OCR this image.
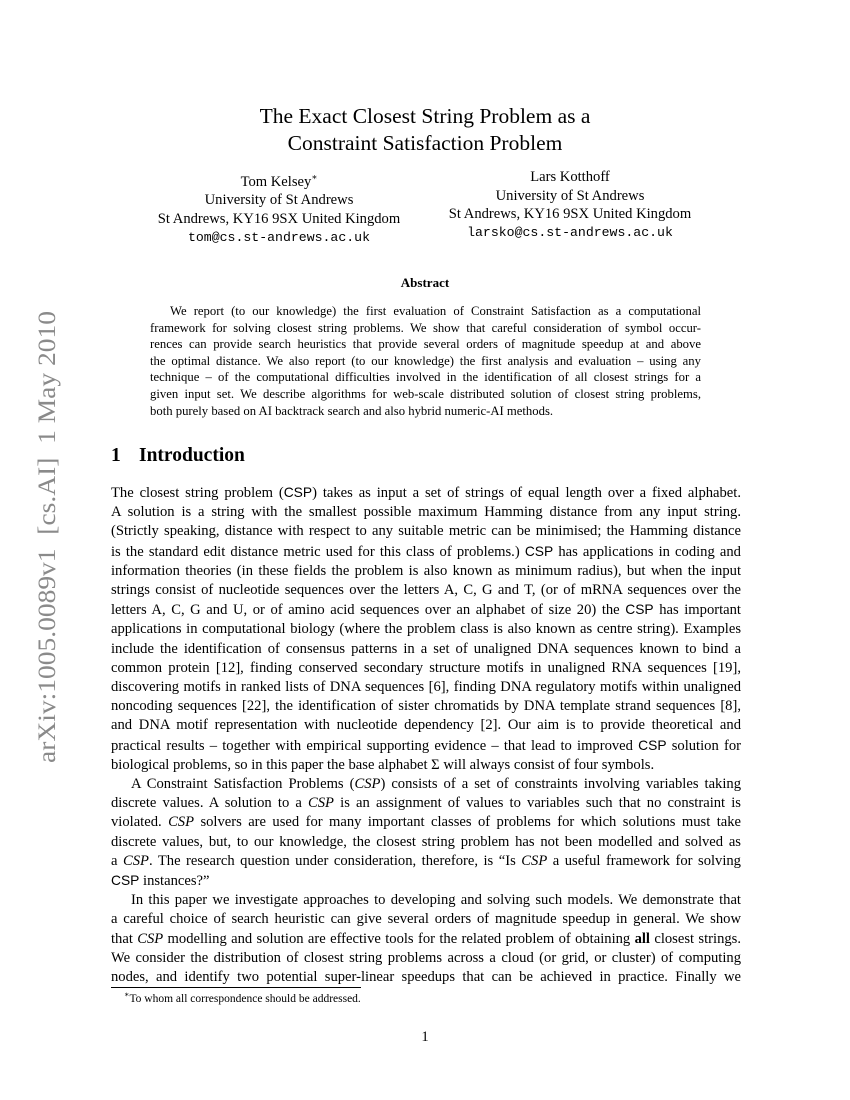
arXiv:1005.0089v1  [cs.AI]  1 May 2010
The Exact Closest String Problem as a
Constraint Satisfaction Problem
Tom Kelsey∗
University of St Andrews
St Andrews, KY16 9SX United Kingdom
tom@cs.st-andrews.ac.uk
Lars Kotthoff
University of St Andrews
St Andrews, KY16 9SX United Kingdom
larsko@cs.st-andrews.ac.uk
Abstract
We report (to our knowledge) the first evaluation of Constraint Satisfaction as a computational
framework for solving closest string problems. We show that careful consideration of symbol occur-
rences can provide search heuristics that provide several orders of magnitude speedup at and above
the optimal distance. We also report (to our knowledge) the first analysis and evaluation – using any
technique – of the computational difficulties involved in the identification of all closest strings for a
given input set. We describe algorithms for web-scale distributed solution of closest string problems,
both purely based on AI backtrack search and also hybrid numeric-AI methods.
1 Introduction
The closest string problem (CSP) takes as input a set of strings of equal length over a fixed alphabet.
A solution is a string with the smallest possible maximum Hamming distance from any input string.
(Strictly speaking, distance with respect to any suitable metric can be minimised; the Hamming distance
is the standard edit distance metric used for this class of problems.) CSP has applications in coding and
information theories (in these fields the problem is also known as minimum radius), but when the input
strings consist of nucleotide sequences over the letters A, C, G and T, (or of mRNA sequences over the
letters A, C, G and U, or of amino acid sequences over an alphabet of size 20) the CSP has important
applications in computational biology (where the problem class is also known as centre string). Examples
include the identification of consensus patterns in a set of unaligned DNA sequences known to bind a
common protein [12], finding conserved secondary structure motifs in unaligned RNA sequences [19],
discovering motifs in ranked lists of DNA sequences [6], finding DNA regulatory motifs within unaligned
noncoding sequences [22], the identification of sister chromatids by DNA template strand sequences [8],
and DNA motif representation with nucleotide dependency [2]. Our aim is to provide theoretical and
practical results – together with empirical supporting evidence – that lead to improved CSP solution for
biological problems, so in this paper the base alphabet Σ will always consist of four symbols.
A Constraint Satisfaction Problems (CSP) consists of a set of constraints involving variables taking
discrete values. A solution to a CSP is an assignment of values to variables such that no constraint is
violated. CSP solvers are used for many important classes of problems for which solutions must take
discrete values, but, to our knowledge, the closest string problem has not been modelled and solved as
a CSP. The research question under consideration, therefore, is “Is CSP a useful framework for solving
CSP instances?”
In this paper we investigate approaches to developing and solving such models. We demonstrate that
a careful choice of search heuristic can give several orders of magnitude speedup in general. We show
that CSP modelling and solution are effective tools for the related problem of obtaining all closest strings.
We consider the distribution of closest string problems across a cloud (or grid, or cluster) of computing
nodes, and identify two potential super-linear speedups that can be achieved in practice. Finally we
∗To whom all correspondence should be addressed.
1
